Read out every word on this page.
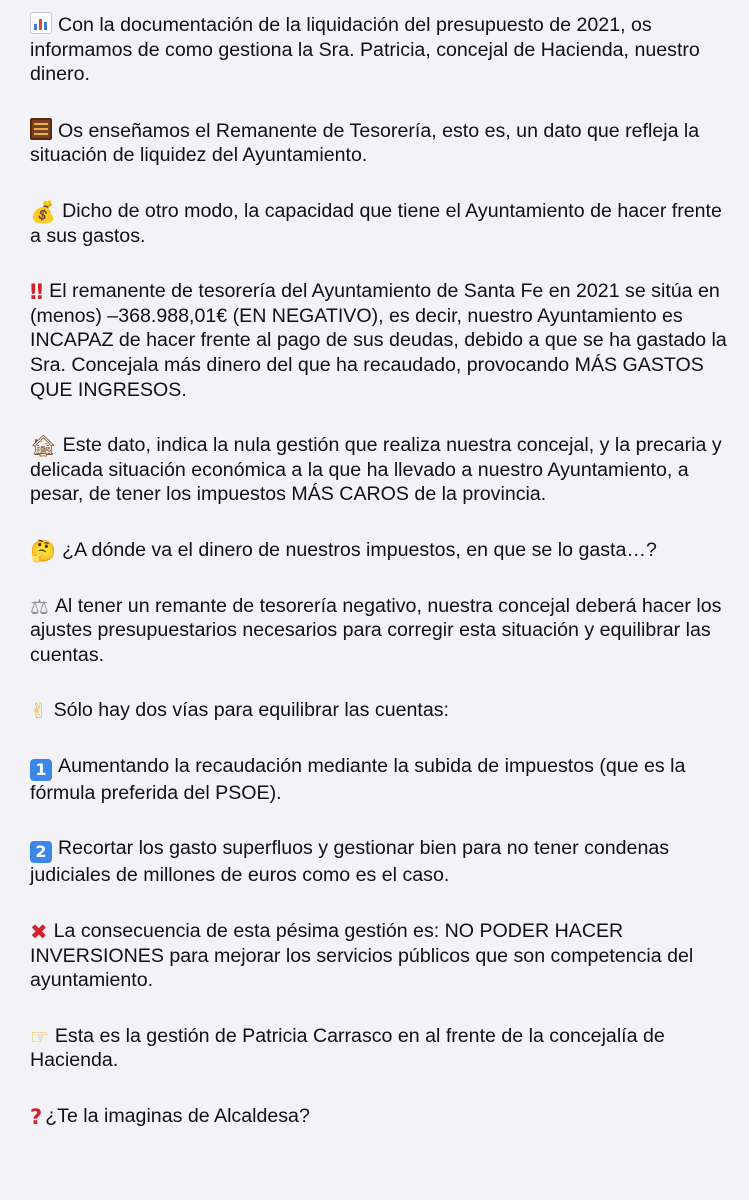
Con la documentación de la liquidación del presupuesto de 2021, os informamos de como gestiona la Sra. Patricia, concejal de Hacienda, nuestro dinero.

Os enseñamos el Remanente de Tesorería, esto es, un dato que refleja la situación de liquidez del Ayuntamiento.

💰 Dicho de otro modo, la capacidad que tiene el Ayuntamiento de hacer frente a sus gastos.

‼ El remanente de tesorería del Ayuntamiento de Santa Fe en 2021 se sitúa en (menos) –368.988,01€ (EN NEGATIVO), es decir, nuestro Ayuntamiento es INCAPAZ de hacer frente al pago de sus deudas, debido a que se ha gastado la Sra. Concejala más dinero del que ha recaudado, provocando MÁS GASTOS QUE INGRESOS.

🏚 Este dato, indica la nula gestión que realiza nuestra concejal, y la precaria y delicada situación económica a la que ha llevado a nuestro Ayuntamiento, a pesar, de tener los impuestos MÁS CAROS de la provincia.

🤔 ¿A dónde va el dinero de nuestros impuestos, en que se lo gasta…?

⚖ Al tener un remante de tesorería negativo, nuestra concejal deberá hacer los ajustes presupuestarios necesarios para corregir esta situación y equilibrar las cuentas.

✌ Sólo hay dos vías para equilibrar las cuentas:

1 Aumentando la recaudación mediante la subida de impuestos (que es la fórmula preferida del PSOE).

2 Recortar los gasto superfluos y gestionar bien para no tener condenas judiciales de millones de euros como es el caso.

✖ La consecuencia de esta pésima gestión es: NO PODER HACER INVERSIONES para mejorar los servicios públicos que son competencia del ayuntamiento.

☞ Esta es la gestión de Patricia Carrasco en al frente de la concejalía de Hacienda.

? ¿Te la imaginas de Alcaldesa?
